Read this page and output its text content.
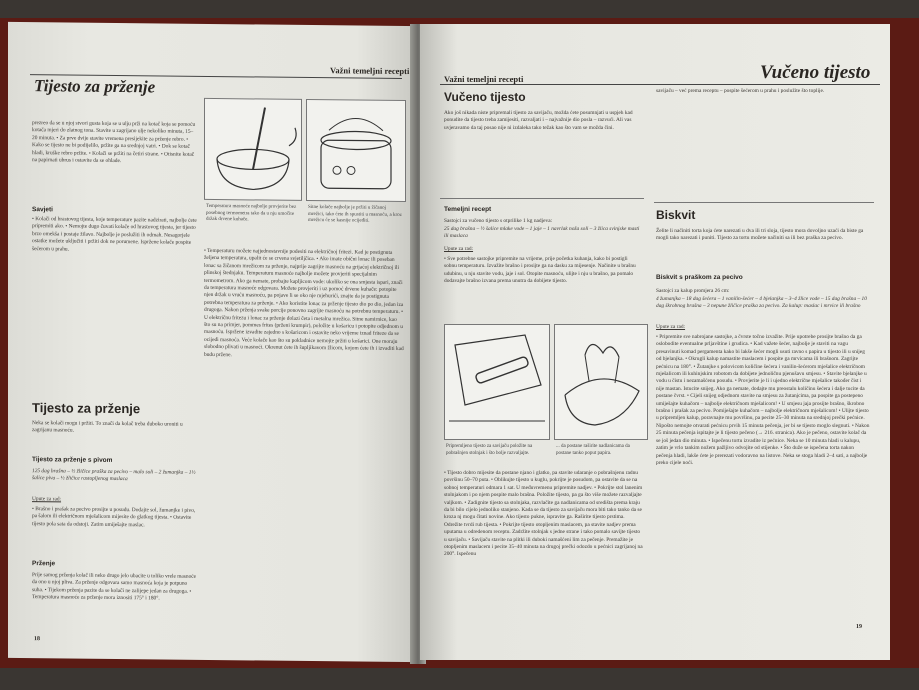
Važni temeljni recepti
Tijesto za prženje
prezreo da se u njoj stvori gusta koja se u ulju prži na kotač koja se pomoću kotača mjeri do zlatnog tona. Stavite u zagrijano ulje nekoliko minuta, 15–20 minuta. • Za prve dvije stavite vremena presijekite za prženje rebro. • Kako se tijesto ne bi podijelilo, pržite ga na srednjoj vatri. • Dok se kotač hladi, kruške rebro pržite. • Kolači se pržiti na četiri strane. • Otisnite kotač na papirnati ubrus i ostavite da se ohlade.
Savjeti
• Kolači od hrastovog tijesta, koje temperature pazite nadzirati, najbolje ćete pripremiti ako. • Nemojte dugo čuvati kolače od hrastovog tijesta, jer tijesto brzo omekša i postaje žilavo. Najbolje je poslužiti ih odmah. Nesagorjele ostatke možete uključiti i pržiti dok ne porumene. Ispržene kolače pospite šećerom u prahu.
Temperatura masnoće najbolje provjerite bez posebnog termometra tako da u nju umočite držak drvene kuhače.
Sitne kolače najbolje je pržiti u žičanoj mrežici, tako ćete ih spustiti u masnoću, a kroz mrežicu će se kasnije ocijediti.
• Temperaturu možete najjednostavnije podesiti na električnoj fritezi. Kad je postignuta željena temperatura, upalit će se crvena svjetiljčica. • Ako imate obični lonac ili poseban lonac sa žičanom mrežicom za prženje, najprije zagrijte masnoću na grijaćoj električnoj ili plinskoj štednjaku. Temperaturu masnoće najbolje možete provjeriti specijalnim termometrom. Ako ga nemate, probajte kapljicom vode: ukoliko se ona smjesta ispari, znači da temperatura masnoće odgovara. Možete provjeriti i uz pomoć drvene kuhače: potopite njen držak u vruću masnoću, pa pojave li se oko nje mjehurići, znajte da je postignuta potrebna temperatura za prženje. • Ako koristite lonac za prženje tijesto dio po dio, jedan iza drugoga. Nakon prženja svake porcije ponovno zagrijte masnoću na potrebnu temperaturu. • U električnu fritezu i lonac za prženje dolazi četa i metalna mrežica. Sitne namirnice, kao što su na primjer, pommes frites (prženi krumpir), položite u košaricu i potopite odjednom u masnoću. Ispržene izvadite zajedno s košaricom i ostavite neko vrijeme iznad friteze da se ocijedi masnoća. Veće kolače kao što su pokladnice nemojte pržiti u košarici. One moraju slobodno plivati u masnoći. Okrenut ćete ih šupljikavom žlicom, kojom ćete ih i izvaditi kad budu pržene.
Tijesto za prženje
Neka se kolači mogu i pržiti. To znači da kolač treba duboko uroniti u zagrijanu masnoću.
Tijesto za prženje s pivom
125 dag brašna – ½ žličice praška za pecivo – malo soli – 2 žumanjka – 1½ šalice piva – ½ žličice rastopljenog maslaca
Upute za rad:
• Brašno i prašak za pecivo prosijte u posudu. Dodajte sol, žumanjke i pivo, pa šalom ili električnom mješalicom mijesite do glatkog tijesta. • Ostavite tijesto pola sata da odstoji. Zatim umiješajte maslac.
Prženje
Prije samog prženja kolač ili neko drugo jelo ubacite u toliko vrele masnoće da ono u njoj pliva. Za prženje odgovara samo masnoća koja je potpuno suha. • Tijekom prženja pazite da se kolači ne zalijepe jedan za drugoga. • Temperatura masnoće za prženje mora iznositi 175° i 180°.
18
Važni temeljni recepti	Vučeno tijesto
Vučeno tijesto
Ako još nikada niste pripremali tijesto za savijaču, možda ćete posumnjati u uspjeh kad ponudite da tijesto treba zamijesiti, razvaljati i – najvažnije dio posla – razvući. Ali vas uvjeravamo da taj posao nije ni izdaleka tako težak kao što vam se možda čini.
Temeljni recept
Sastojci za vučeno tijesto s otprilike 1 kg nadjeva:
25 dag brašna – ½ šalice mlake vode – 1 jaje – 1 navrlak noža soli – 3 žlica svinjske masti ili maslaca
Upute za rad:
• Sve potrebne sastojke pripremite na vrijeme, prije početka kuhanja, kako bi postigli sobnu temperaturu. Izvažite brašno i prosijte ga na dasku za mijesenje. Načinite u brašnu udubinu, u nju stavite vodu, jaje i sol. Otopite masnoću, ulijte i nju u brašno, pa pomalo dodavajte brašno izvana prema unutra da dobijete tijesto.
Pripremljeno tijesto za savijaču položite na pobrašnjen stolnjak i što bolje razvaljajte.
... da postane raširite nadlanicama da postane tanko poput papira.
• Tijesto dobro mijesite da postane njano i glatko, pa stavite udaranje o pobrašnjenu radnu površinu 50–70 puta. • Oblikujte tijesto u kuglu, pokrijte je posudom, pa ostavite da se na sobnoj temperaturi odmara 1 sat. U međuvremenu pripremite nadjev. • Pokrijte stol lanenim stolnjakom i po njem pospite malo brašna. Položite tijesto, pa ga što više možete razvaljajte valjkom. • Zadignite tijesto sa stolnjaka, razvlačite ga nadlanicama od središta prema kraju da bi bilo cijelo jednoliko stanjeno. Kada se da tijesto za savijaču mora biti tako tanko da se kroza nj mogu čitati novine. Ako tijesto pukne, ispravite ga. Raširite tijesto prstima. Odrežite tvrdi rub tijesta. • Pokrijte tijesto otopljenim maslacem, pa stavite nadjev prema uputama u odredenom receptu. Zadržite stolnjak s jedne strane i tako pomalo savijte tijesto u savijaču. • Savijaču stavite na plitki ili duboki namašćeni lim za pečenje. Premažite je otopljenim maslacem i pecite 35–40 minuta na drugoj prečki odozdo u pećnici zagrijanoj na 200°. Ispečenu
savijaču – već prema receptu – pospite šećerom u prahu i poslužite što toplije.
Biskvit
Želite li načiniti torta koja ćete narezati u dva ili tri sloja, tijesto mora dovoljno uzaći da biste ga mogli tako narezati i puniti. Tijesto za tortu možete načiniti sa ili bez praška za pecivo.
Biskvit s praškom za pecivo
Sastojci za kalup promjera 26 cm:
4 žumanjka – 18 dag šećera – 1 vanilin-šećer – 4 bjelanjka – 3–4 žlice vode – 15 dag brašna – 10 dag škrobnog brašna – 3 nepune žličice praška za pecivo. Za kalup: maslac i mrvice ili brašno
Upute za rad:
• Pripremite sve nabrojane sastojke, a čvrste točno izvažite. Prije upotrebe prosijte brašno da ga oslobodite eventualne prljavštine i grudica. • Kad važete šećer, najbolje je staviti na vagu presavinuti komad pergamenta kako bi lakše šećer mogli usuti ravno s papira u tijesto ili u snijeg od bjelanjka. • Okrugli kalup namastite maslacem i pospite ga mrvicama ili brašnom. Zagrijte pećnicu na 180°. • Žutanjke s polovicom količine šećera i vanilin-šećerom mješalice električnom mješalicom ili kuhinjskim robotom da dobijete jednoličnu pjenušavu smjesu. • Stavite bjelanjke u vodu u čistu i nezamašćenu posudu. • Provjerite je li i ujedno električne mješalice također čist i nije mastan. Istucite snijeg. Ako ga nemate, dodajte mu preostalu količinu šećera i dalje tucite da postane čvrst. • Cijeli snijeg odjednom stavite na smjesu za žutanjcima, pa pospite ga postepeno umiješajte kuhačom – najbolje električnom mješalicom! • U smjesu jaja prosijte brašno, škrobno brašno i prašak za pecivo. Pomiješajte kuhačom – najbolje električnom mješalicom! • Ulijte tijesto u pripremljen kalup, poravnajte mu površinu, pa pecite 25–30 minuta na srednjoj prečki pećnice. Nipošto nemojte otvarati pećnicu prvih 15 minuta pečenja, jer bi se tijesto moglo slegnuti. • Nakon 25 minuta pečenja ispitajte je li tijesto pečeno (→ 216. stranica). Ako je pečeno, ostavite kolač da se još jedan dio minuta. • Ispečenu tortu izvadite iz pećnice. Neka se 10 minuta hladi u kalupu, zatim je vrlo tankim nožem pažljivo odvojite od stijenke. • Što duže se ispečena torta nakon pečenja hladi, lakše ćete je prerezati vodoravno na listove. Neka se stoga hladi 2–4 sati, a najbolje preko cijele noći.
19
